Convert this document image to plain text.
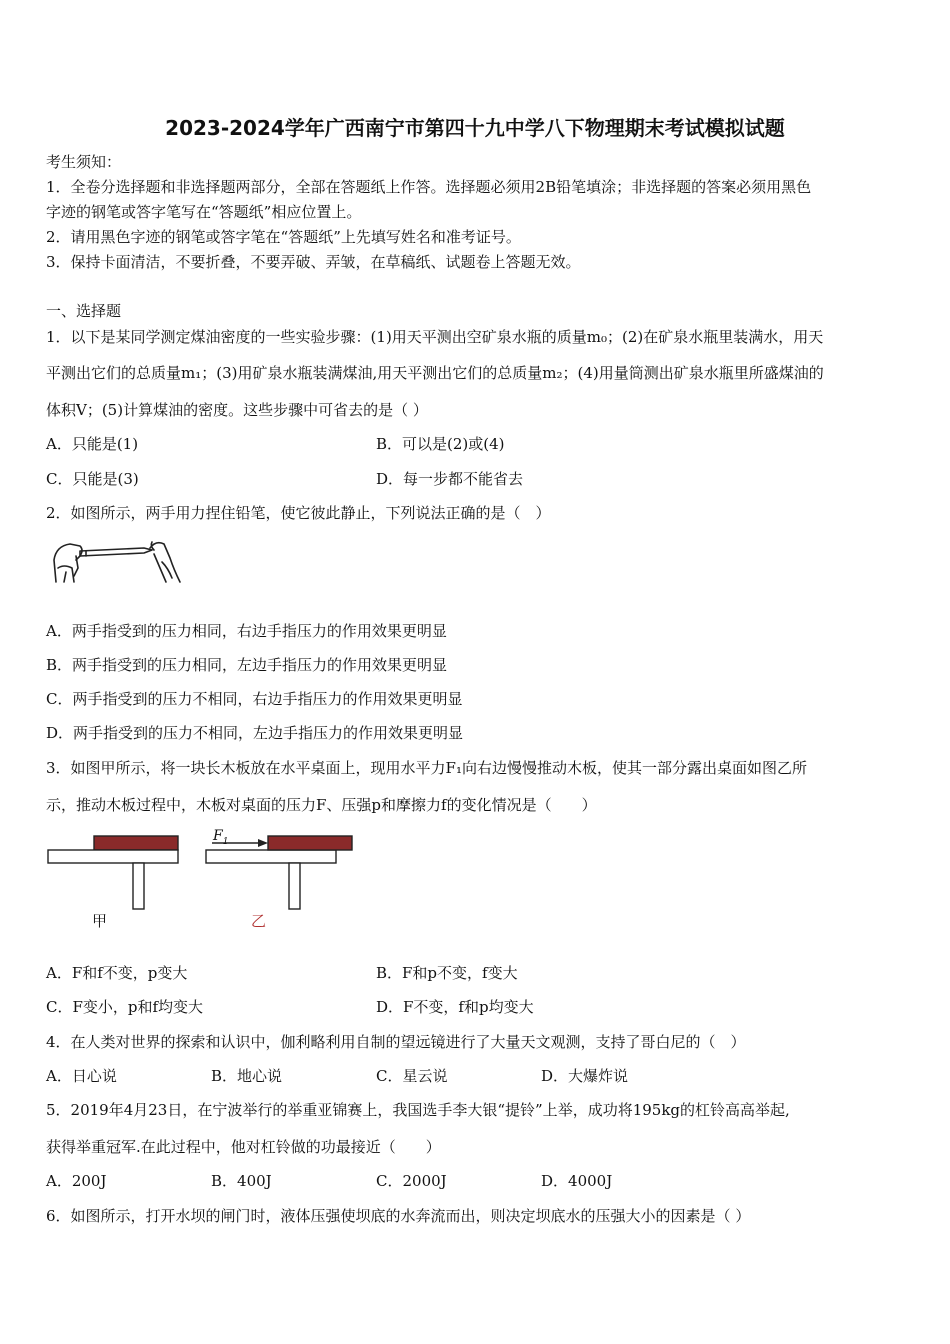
2023-2024学年广西南宁市第四十九中学八下物理期末考试模拟试题
考生须知：
1．全卷分选择题和非选择题两部分，全部在答题纸上作答。选择题必须用2B铅笔填涂；非选择题的答案必须用黑色
字迹的钢笔或答字笔写在“答题纸”相应位置上。
2．请用黑色字迹的钢笔或答字笔在“答题纸”上先填写姓名和准考证号。
3．保持卡面清洁，不要折叠，不要弄破、弄皱，在草稿纸、试题卷上答题无效。
一、选择题
1．以下是某同学测定煤油密度的一些实验步骤：(1)用天平测出空矿泉水瓶的质量m₀；(2)在矿泉水瓶里装满水，用天
平测出它们的总质量m₁；(3)用矿泉水瓶装满煤油,用天平测出它们的总质量m₂；(4)用量筒测出矿泉水瓶里所盛煤油的
体积V；(5)计算煤油的密度。这些步骤中可省去的是（ ）
A．只能是(1)	B．可以是(2)或(4)
C．只能是(3)	D．每一步都不能省去
2．如图所示，两手用力捏住铅笔，使它彼此静止，下列说法正确的是（　）
A．两手指受到的压力相同，右边手指压力的作用效果更明显
B．两手指受到的压力相同，左边手指压力的作用效果更明显
C．两手指受到的压力不相同，右边手指压力的作用效果更明显
D．两手指受到的压力不相同，左边手指压力的作用效果更明显
3．如图甲所示，将一块长木板放在水平桌面上，现用水平力F₁向右边慢慢推动木板，使其一部分露出桌面如图乙所
示，推动木板过程中，木板对桌面的压力F、压强p和摩擦力f的变化情况是（　　）
$F_1$
甲	乙
A．F和f不变，p变大	B．F和p不变，f变大
C．F变小，p和f均变大	D．F不变，f和p均变大
4．在人类对世界的探索和认识中，伽利略利用自制的望远镜进行了大量天文观测，支持了哥白尼的（　）
A．日心说	B．地心说	C．星云说	D．大爆炸说
5．2019年4月23日，在宁波举行的举重亚锦赛上，我国选手李大银“提铃”上举，成功将195kg的杠铃高高举起,
获得举重冠军.在此过程中，他对杠铃做的功最接近（　　）
A．200J	B．400J	C．2000J	D．4000J
6．如图所示，打开水坝的闸门时，液体压强使坝底的水奔流而出，则决定坝底水的压强大小的因素是（ ）
